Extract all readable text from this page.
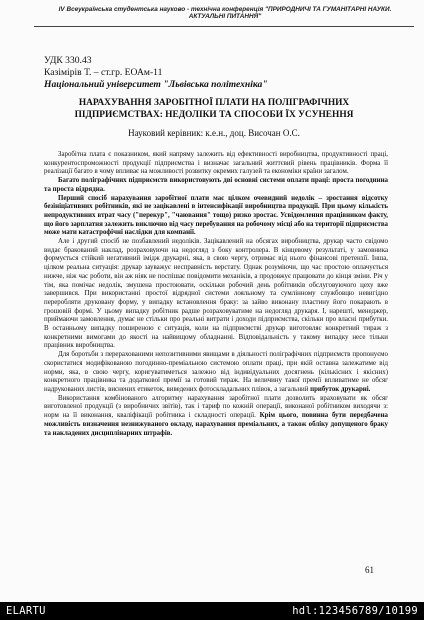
IV Всеукраїнська студентська науково - технічна конференція "ПРИРОДНИЧІ ТА ГУМАНІТАРНІ НАУКИ.
АКТУАЛЬНІ ПИТАННЯ"
УДК 330.43
Казімірів Т. – ст.гр. ЕОАм-11
Національний університет "Львівська політехніка"
НАРАХУВАННЯ ЗАРОБІТНОЇ ПЛАТИ НА ПОЛІГРАФІЧНИХ
ПІДПРИЄМСТВАХ: НЕДОЛІКИ ТА СПОСОБИ ЇХ УСУНЕННЯ
Науковий керівник: к.е.н., доц. Височан О.С.

Заробітна плата є показником, який напряму залежить від ефективності виробництва, продуктивності праці, конкурентоспроможності продукції підприємства і визначає загальний життєвий рівень працівників. Форма її реалізації багато в чому впливає на можливості розвитку окремих галузей та економіки країни загалом.

Багато поліграфічних підприємств використовують дві основні системи оплати праці: проста погодинна та проста відрядна.

Перший спосіб нарахування заробітної плати має цілком очевидний недолік – зростання відсотку безініціативних робітників, які не зацікавлені в інтенсифікації виробництва продукції. При цьому кількість непродуктивних втрат часу ("перекур", "чаювання" тощо) ризко зростає. Усвідомлення працівником факту, що його зарплатня залежить виключно від часу перебування на робочому місці або на території підприємства може мати катастрофічні наслідки для компанії.

Але і другий спосіб не позбавлений недоліків. Зацікавлений на обсягах виробництва, друкар часто свідомо видає бракований наклад, розраховуючи на недогляд з боку контролера. В кінцевому результаті, у замовника формується стійкий негативний імідж друкарні, яка, в свою чергу, отримає від нього фінансові претензії. Інша, цілком реальна ситуація: друкар зауважує несправність верстату. Однак розуміючи, що час простою оплачується нижче, ніж час роботи, він аж ніяк не поспішає повідомити механіків, а продовжує працювати до кінця зміни. Річ у тім, яка помічає недолік, змушена простоювати, оскільки робочий день робітників обслуговуючого цеху вже завершився. При використанні простої відрядної системи лояльному та сумлінному службовцю невигідно переробляти друковану форму, у випадку встановлення браку: за зайво виконану пластину його покарають в грошовій формі. У цьому випадку робітник радше розраховуватиме на недогляд друкаря. І, нарешті, менеджер, приймаючи замовлення, думає не стільки про реальні витрати і доходи підприємства, скільки про власні прибутки. В останньому випадку поширеною є ситуація, коли на підприємстві друкар виготовляє конкретний тираж з конкретними вимогами до якості на найвищому обладнанні. Відповідальність у такому випадку несе тільки працівник виробництва.

Для боротьби з перерахованими непозитивними явищами в діяльності поліграфічних підприємств пропонуємо скористатися модифікованою погодинно-преміальною системою оплати праці, при якій оставна залежатиме від норми, яка, в свою чергу, коригуватиметься залежно від індивідуальних досягнень (кількісних і якісних) конкретного працівника та додаткової премії за готовий тираж. На величину такої премії впливатиме не обсяг надрукованих листів, виснених етикеток, виведених фотоскладальних плівок, а загальний прибуток друкарні.

Використання комбінованого алгоритму нарахування заробітної плати дозволить враховувати як обсяг виготовленої продукції (з виробничих звітів), так і тариф по кожній операції, виконаної робітником виходячи з: норм на її виконання, кваліфікації робітника і складності операції. Крім цього, повинна бути передбачена можливість визначення незнижуваного окладу, нарахування преміальних, а також обліку допущеного браку та накладених дисциплінарних штрафів.

61
ELARTU	hdl:123456789/10199
